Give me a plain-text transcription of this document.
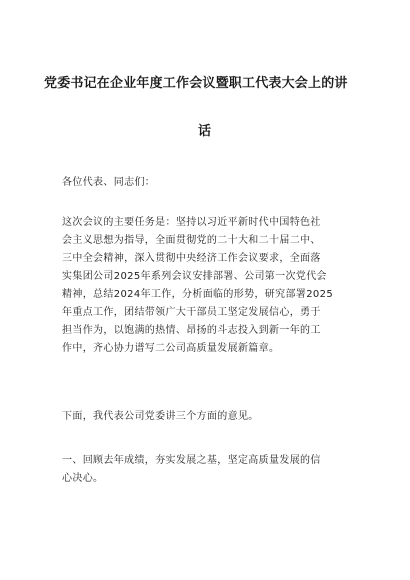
党委书记在企业年度工作会议暨职工代表大会上的讲
话
各位代表、同志们：
这次会议的主要任务是：坚持以习近平新时代中国特色社
会主义思想为指导，全面贯彻党的二十大和二十届二中、
三中全会精神，深入贯彻中央经济工作会议要求，全面落
实集团公司2025年系列会议安排部署、公司第一次党代会
精神，总结2024年工作，分析面临的形势，研究部署2025
年重点工作，团结带领广大干部员工坚定发展信心，勇于
担当作为，以饱满的热情、昂扬的斗志投入到新一年的工
作中，齐心协力谱写二公司高质量发展新篇章。
下面，我代表公司党委讲三个方面的意见。
一、回顾去年成绩，夯实发展之基，坚定高质量发展的信
心决心。
